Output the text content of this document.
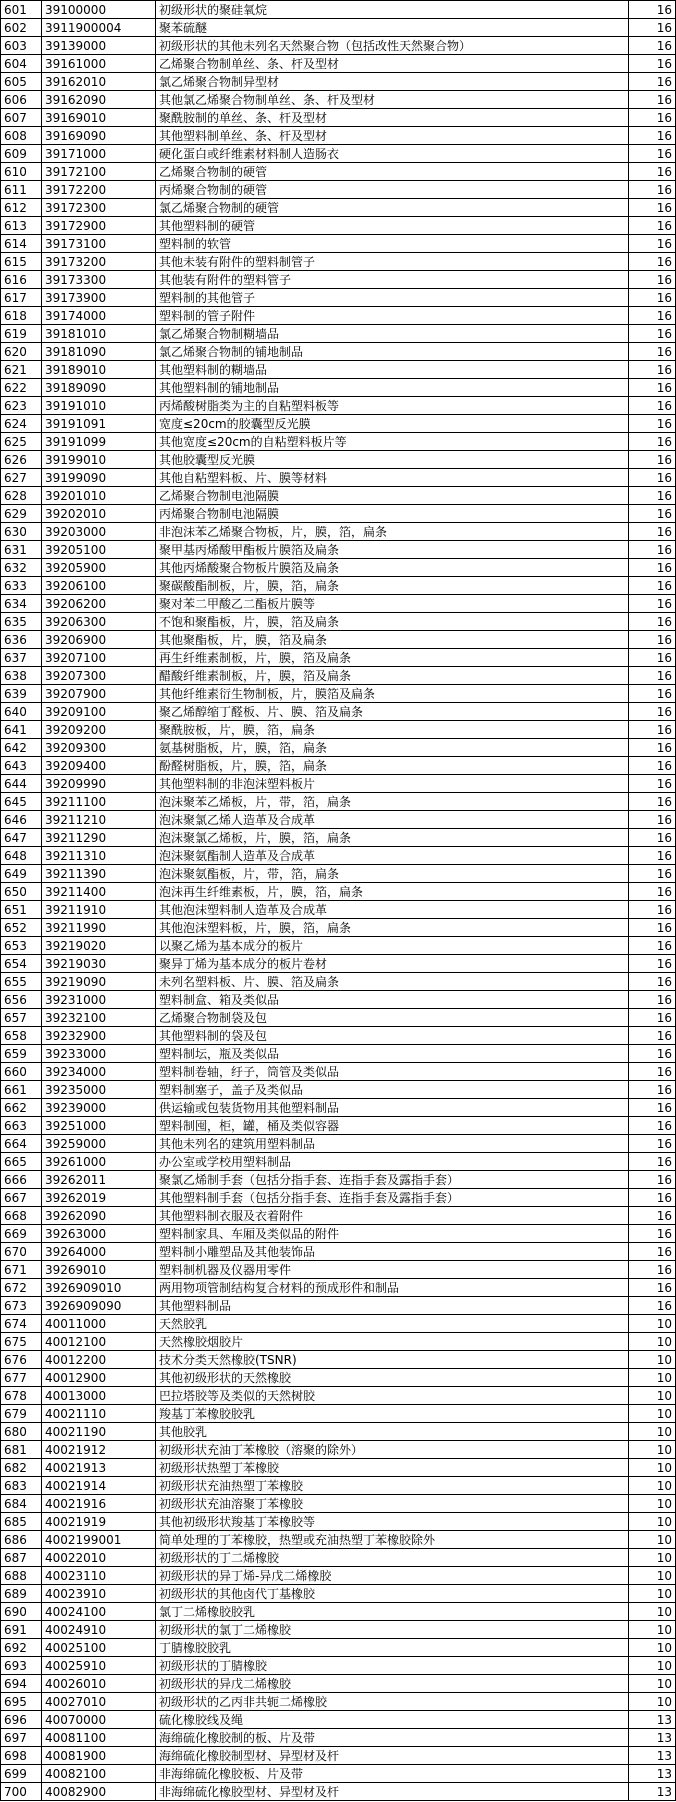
601	39100000	初级形状的聚硅氧烷	16
602	3911900004	聚苯硫醚	16
603	39139000	初级形状的其他未列名天然聚合物（包括改性天然聚合物）	16
604	39161000	乙烯聚合物制单丝、条、杆及型材	16
605	39162010	氯乙烯聚合物制异型材	16
606	39162090	其他氯乙烯聚合物制单丝、条、杆及型材	16
607	39169010	聚酰胺制的单丝、条、杆及型材	16
608	39169090	其他塑料制单丝、条、杆及型材	16
609	39171000	硬化蛋白或纤维素材料制人造肠衣	16
610	39172100	乙烯聚合物制的硬管	16
611	39172200	丙烯聚合物制的硬管	16
612	39172300	氯乙烯聚合物制的硬管	16
613	39172900	其他塑料制的硬管	16
614	39173100	塑料制的软管	16
615	39173200	其他未装有附件的塑料制管子	16
616	39173300	其他装有附件的塑料管子	16
617	39173900	塑料制的其他管子	16
618	39174000	塑料制的管子附件	16
619	39181010	氯乙烯聚合物制糊墙品	16
620	39181090	氯乙烯聚合物制的铺地制品	16
621	39189010	其他塑料制的糊墙品	16
622	39189090	其他塑料制的铺地制品	16
623	39191010	丙烯酸树脂类为主的自粘塑料板等	16
624	39191091	宽度≤20cm的胶囊型反光膜	16
625	39191099	其他宽度≤20cm的自粘塑料板片等	16
626	39199010	其他胶囊型反光膜	16
627	39199090	其他自粘塑料板、片、膜等材料	16
628	39201010	乙烯聚合物制电池隔膜	16
629	39202010	丙烯聚合物制电池隔膜	16
630	39203000	非泡沫苯乙烯聚合物板，片，膜，箔，扁条	16
631	39205100	聚甲基丙烯酸甲酯板片膜箔及扁条	16
632	39205900	其他丙烯酸聚合物板片膜箔及扁条	16
633	39206100	聚碳酸酯制板，片，膜，箔，扁条	16
634	39206200	聚对苯二甲酸乙二酯板片膜等	16
635	39206300	不饱和聚酯板，片，膜，箔及扁条	16
636	39206900	其他聚酯板，片，膜，箔及扁条	16
637	39207100	再生纤维素制板，片，膜，箔及扁条	16
638	39207300	醋酸纤维素制板，片，膜，箔及扁条	16
639	39207900	其他纤维素衍生物制板，片，膜箔及扁条	16
640	39209100	聚乙烯醇缩丁醛板、片、膜、箔及扁条	16
641	39209200	聚酰胺板，片，膜，箔，扁条	16
642	39209300	氨基树脂板，片，膜，箔，扁条	16
643	39209400	酚醛树脂板，片，膜，箔，扁条	16
644	39209990	其他塑料制的非泡沫塑料板片	16
645	39211100	泡沫聚苯乙烯板，片，带，箔，扁条	16
646	39211210	泡沫聚氯乙烯人造革及合成革	16
647	39211290	泡沫聚氯乙烯板，片，膜，箔，扁条	16
648	39211310	泡沫聚氨酯制人造革及合成革	16
649	39211390	泡沫聚氨酯板，片，带，箔，扁条	16
650	39211400	泡沫再生纤维素板，片，膜，箔，扁条	16
651	39211910	其他泡沫塑料制人造革及合成革	16
652	39211990	其他泡沫塑料板，片，膜，箔，扁条	16
653	39219020	以聚乙烯为基本成分的板片	16
654	39219030	聚异丁烯为基本成分的板片卷材	16
655	39219090	未列名塑料板、片、膜、箔及扁条	16
656	39231000	塑料制盒、箱及类似品	16
657	39232100	乙烯聚合物制袋及包	16
658	39232900	其他塑料制的袋及包	16
659	39233000	塑料制坛，瓶及类似品	16
660	39234000	塑料制卷轴，纡子，筒管及类似品	16
661	39235000	塑料制塞子，盖子及类似品	16
662	39239000	供运输或包装货物用其他塑料制品	16
663	39251000	塑料制囤，柜，罐，桶及类似容器	16
664	39259000	其他未列名的建筑用塑料制品	16
665	39261000	办公室或学校用塑料制品	16
666	39262011	聚氯乙烯制手套（包括分指手套、连指手套及露指手套）	16
667	39262019	其他塑料制手套（包括分指手套、连指手套及露指手套）	16
668	39262090	其他塑料制衣服及衣着附件	16
669	39263000	塑料制家具、车厢及类似品的附件	16
670	39264000	塑料制小雕塑品及其他装饰品	16
671	39269010	塑料制机器及仪器用零件	16
672	3926909010	两用物项管制结构复合材料的预成形件和制品	16
673	3926909090	其他塑料制品	16
674	40011000	天然胶乳	10
675	40012100	天然橡胶烟胶片	10
676	40012200	技术分类天然橡胶(TSNR)	10
677	40012900	其他初级形状的天然橡胶	10
678	40013000	巴拉塔胶等及类似的天然树胶	10
679	40021110	羧基丁苯橡胶胶乳	10
680	40021190	其他胶乳	10
681	40021912	初级形状充油丁苯橡胶（溶聚的除外）	10
682	40021913	初级形状热塑丁苯橡胶	10
683	40021914	初级形状充油热塑丁苯橡胶	10
684	40021916	初级形状充油溶聚丁苯橡胶	10
685	40021919	其他初级形状羧基丁苯橡胶等	10
686	4002199001	简单处理的丁苯橡胶，热塑或充油热塑丁苯橡胶除外	10
687	40022010	初级形状的丁二烯橡胶	10
688	40023110	初级形状的异丁烯-异戊二烯橡胶	10
689	40023910	初级形状的其他卤代丁基橡胶	10
690	40024100	氯丁二烯橡胶胶乳	10
691	40024910	初级形状的氯丁二烯橡胶	10
692	40025100	丁腈橡胶胶乳	10
693	40025910	初级形状的丁腈橡胶	10
694	40026010	初级形状的异戊二烯橡胶	10
695	40027010	初级形状的乙丙非共轭二烯橡胶	10
696	40070000	硫化橡胶线及绳	13
697	40081100	海绵硫化橡胶制的板、片及带	13
698	40081900	海绵硫化橡胶制型材、异型材及杆	13
699	40082100	非海绵硫化橡胶板、片及带	13
700	40082900	非海绵硫化橡胶型材、异型材及杆	13
